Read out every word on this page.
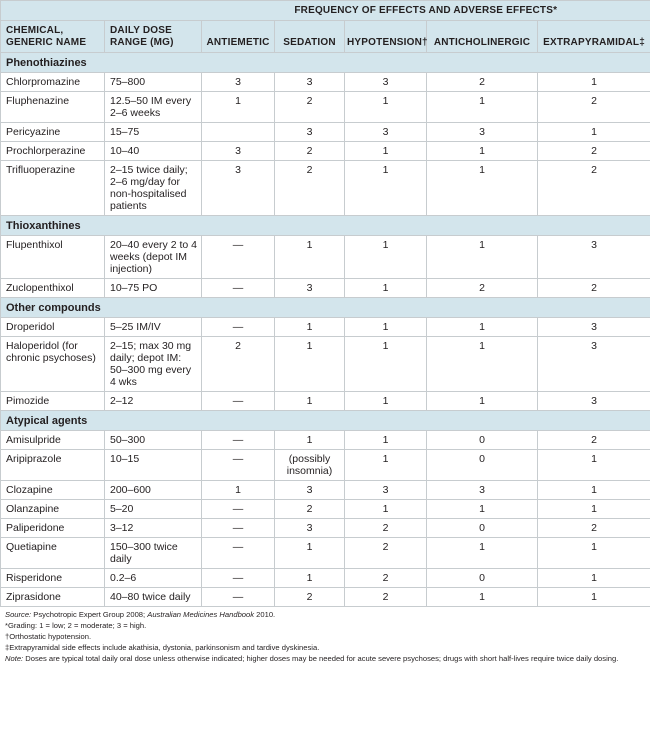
		FREQUENCY OF EFFECTS AND ADVERSE EFFECTS*				
CHEMICAL, GENERIC NAME	DAILY DOSE RANGE (MG)	ANTIEMETIC	SEDATION	HYPOTENSION†	ANTICHOLINERGIC	EXTRAPYRAMIDAL‡
Phenothiazines						
Chlorpromazine	75–800	3	3	3	2	1
Fluphenazine	12.5–50 IM every 2–6 weeks	1	2	1	1	2
Pericyazine	15–75		3	3	3	1
Prochlorperazine	10–40	3	2	1	1	2
Trifluoperazine	2–15 twice daily; 2–6 mg/day for non-hospitalised patients	3	2	1	1	2
Thioxanthines						
Flupenthixol	20–40 every 2 to 4 weeks (depot IM injection)	—	1	1	1	3
Zuclopenthixol	10–75 PO	—	3	1	2	2
Other compounds						
Droperidol	5–25 IM/IV	—	1	1	1	3
Haloperidol (for chronic psychoses)	2–15; max 30 mg daily; depot IM: 50–300 mg every 4 wks	2	1	1	1	3
Pimozide	2–12	—	1	1	1	3
Atypical agents						
Amisulpride	50–300	—	1	1	0	2
Aripiprazole	10–15	—	(possibly insomnia)	1	0	1
Clozapine	200–600	1	3	3	3	1
Olanzapine	5–20	—	2	1	1	1
Paliperidone	3–12	—	3	2	0	2
Quetiapine	150–300 twice daily	—	1	2	1	1
Risperidone	0.2–6	—	1	2	0	1
Ziprasidone	40–80 twice daily	—	2	2	1	1

Source: Psychotropic Expert Group 2008; Australian Medicines Handbook 2010.

*Grading: 1 = low; 2 = moderate; 3 = high.

†Orthostatic hypotension.

‡Extrapyramidal side effects include akathisia, dystonia, parkinsonism and tardive dyskinesia.

Note: Doses are typical total daily oral dose unless otherwise indicated; higher doses may be needed for acute severe psychoses; drugs with short half-lives require twice daily dosing.
